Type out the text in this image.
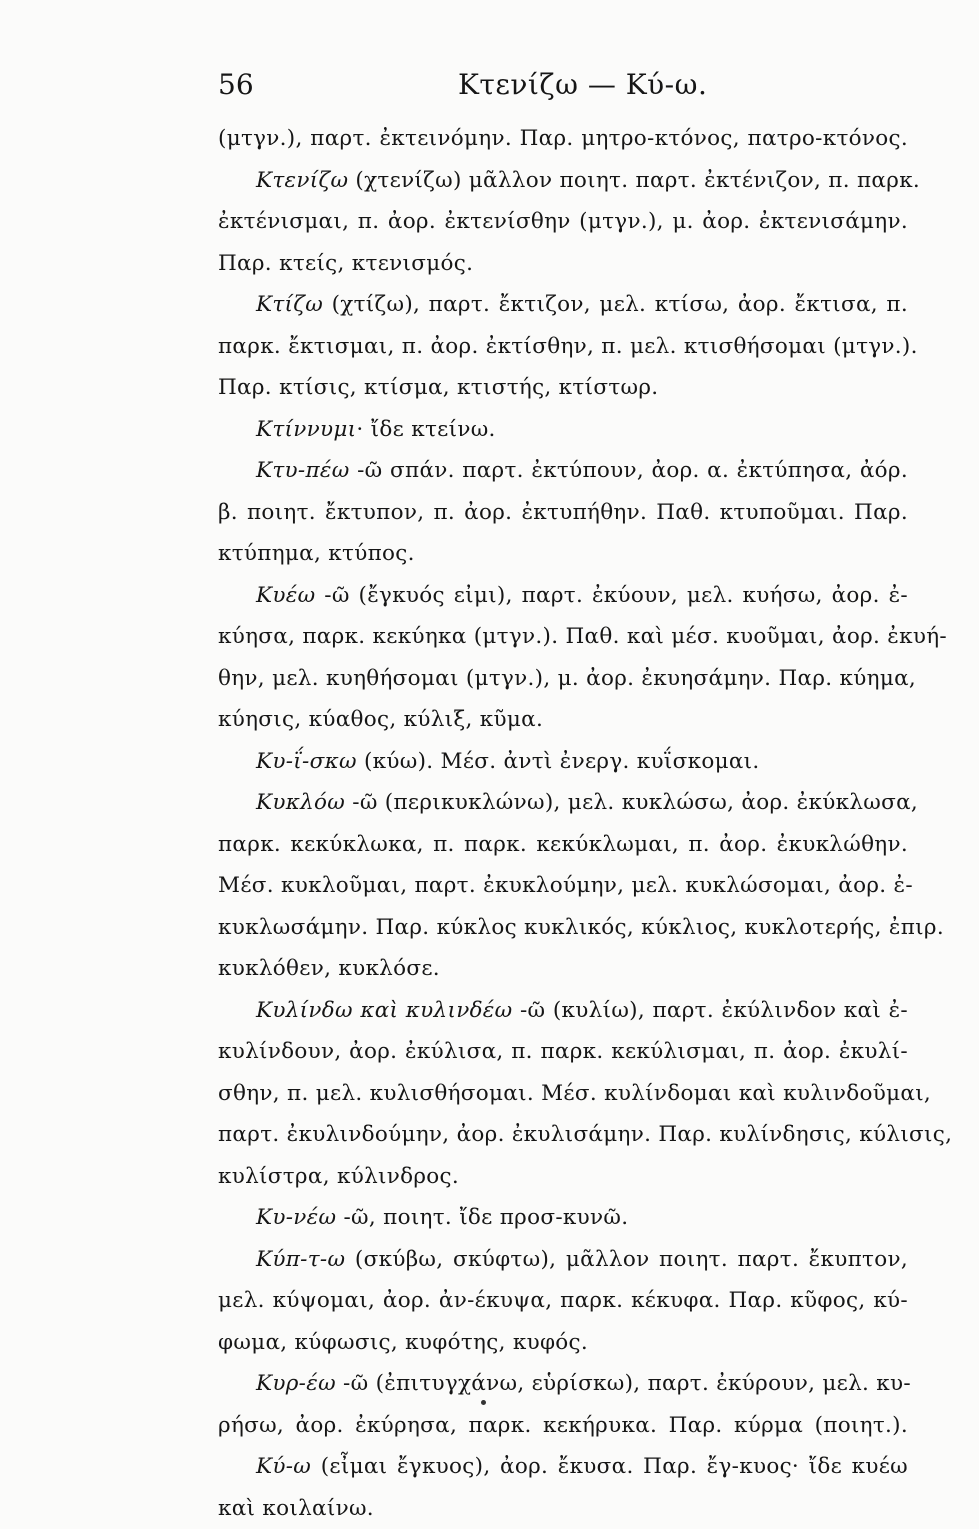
56	Κτενίζω — Κύ-ω.
(μτγν.), παρτ. ἐκτεινόμην. Παρ. μητρο-κτόνος, πατρο-κτόνος.
Κτενίζω (χτενίζω) μᾶλλον ποιητ. παρτ. ἐκτένιζον, π. παρκ.
ἐκτένισμαι, π. ἀορ. ἐκτενίσθην (μτγν.), μ. ἀορ. ἐκτενισάμην.
Παρ. κτείς, κτενισμός.
Κτίζω (χτίζω), παρτ. ἔκτιζον, μελ. κτίσω, ἀορ. ἔκτισα, π.
παρκ. ἔκτισμαι, π. ἀορ. ἐκτίσθην, π. μελ. κτισθήσομαι (μτγν.).
Παρ. κτίσις, κτίσμα, κτιστής, κτίστωρ.
Κτίννυμι· ἴδε κτείνω.
Κτυ-πέω -ῶ σπάν. παρτ. ἐκτύπουν, ἀορ. α. ἐκτύπησα, ἀόρ.
β. ποιητ. ἔκτυπον, π. ἀορ. ἐκτυπήθην. Παθ. κτυποῦμαι. Παρ.
κτύπημα, κτύπος.
Κυέω -ῶ (ἔγκυός εἰμι), παρτ. ἐκύουν, μελ. κυήσω, ἀορ. ἐ-
κύησα, παρκ. κεκύηκα (μτγν.). Παθ. καὶ μέσ. κυοῦμαι, ἀορ. ἐκυή-
θην, μελ. κυηθήσομαι (μτγν.), μ. ἀορ. ἐκυησάμην. Παρ. κύημα,
κύησις, κύαθος, κύλιξ, κῦμα.
Κυ-ΐ-σκω (κύω). Μέσ. ἀντὶ ἐνεργ. κυΐσκομαι.
Κυκλόω -ῶ (περικυκλώνω), μελ. κυκλώσω, ἀορ. ἐκύκλωσα,
παρκ. κεκύκλωκα, π. παρκ. κεκύκλωμαι, π. ἀορ. ἐκυκλώθην.
Μέσ. κυκλοῦμαι, παρτ. ἐκυκλούμην, μελ. κυκλώσομαι, ἀορ. ἐ-
κυκλωσάμην. Παρ. κύκλος κυκλικός, κύκλιος, κυκλοτερής, ἐπιρ.
κυκλόθεν, κυκλόσε.
Κυλίνδω καὶ κυλινδέω -ῶ (κυλίω), παρτ. ἐκύλινδον καὶ ἐ-
κυλίνδουν, ἀορ. ἐκύλισα, π. παρκ. κεκύλισμαι, π. ἀορ. ἐκυλί-
σθην, π. μελ. κυλισθήσομαι. Μέσ. κυλίνδομαι καὶ κυλινδοῦμαι,
παρτ. ἐκυλινδούμην, ἀορ. ἐκυλισάμην. Παρ. κυλίνδησις, κύλισις,
κυλίστρα, κύλινδρος.
Κυ-νέω -ῶ, ποιητ. ἴδε προσ-κυνῶ.
Κύπ-τ-ω (σκύβω, σκύφτω), μᾶλλον ποιητ. παρτ. ἔκυπτον,
μελ. κύψομαι, ἀορ. ἀν-έκυψα, παρκ. κέκυφα. Παρ. κῦφος, κύ-
φωμα, κύφωσις, κυφότης, κυφός.
Κυρ-έω -ῶ (ἐπιτυγχάνω, εὑρίσκω), παρτ. ἐκύρουν, μελ. κυ-
ρήσω, ἀορ. ἐκύρησα, παρκ. κεκήρυκα. Παρ. κύρμα (ποιητ.).
Κύ-ω (εἶμαι ἔγκυος), ἀορ. ἔκυσα. Παρ. ἔγ-κυος· ἴδε κυέω
καὶ κοιλαίνω.
